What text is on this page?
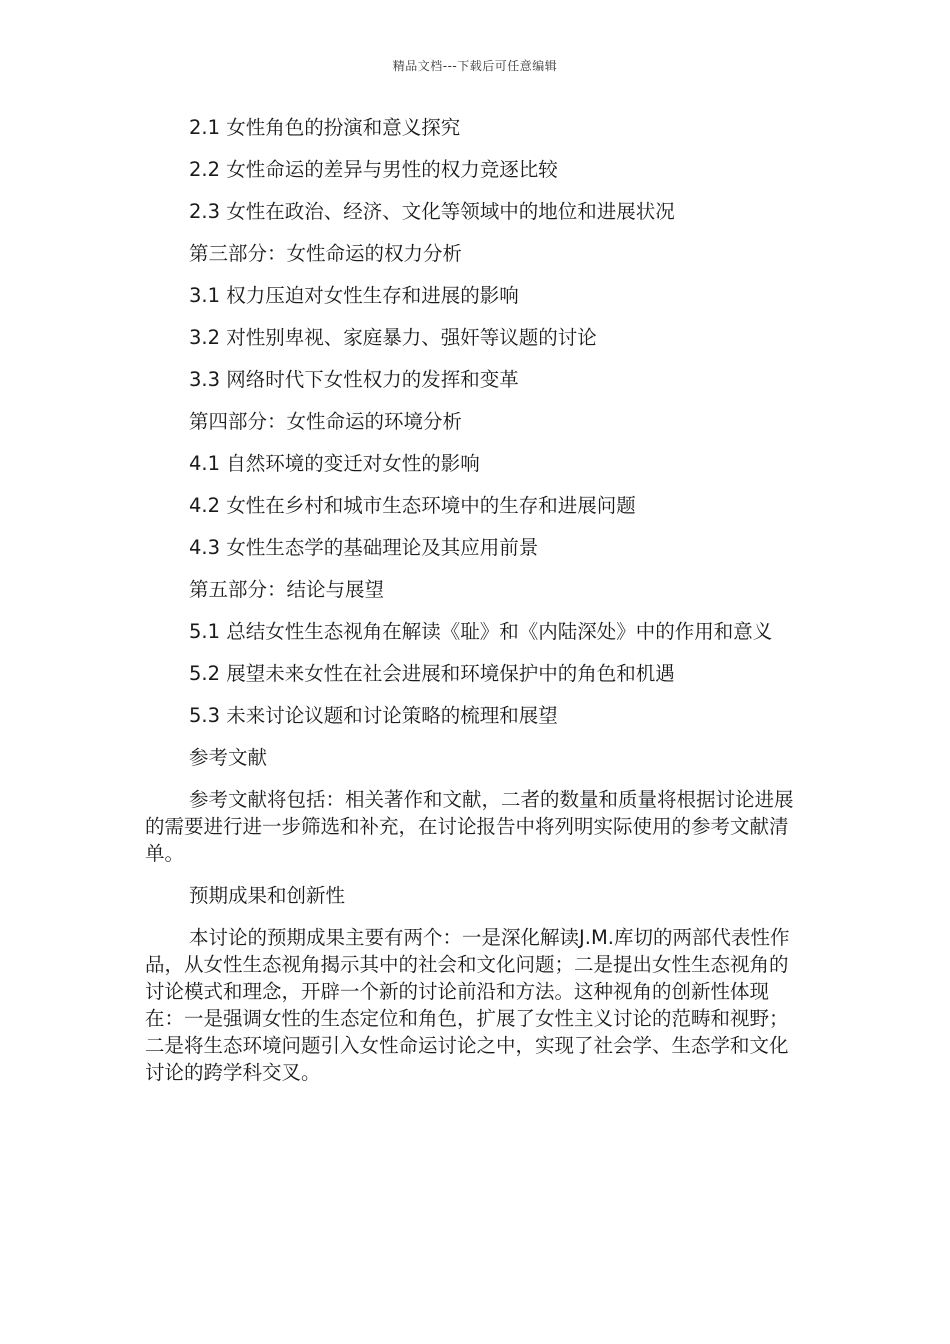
精品文档---下载后可任意编辑

2.1 女性角色的扮演和意义探究

2.2 女性命运的差异与男性的权力竞逐比较

2.3 女性在政治、经济、文化等领域中的地位和进展状况

第三部分：女性命运的权力分析

3.1 权力压迫对女性生存和进展的影响

3.2 对性别卑视、家庭暴力、强奸等议题的讨论

3.3 网络时代下女性权力的发挥和变革

第四部分：女性命运的环境分析

4.1 自然环境的变迁对女性的影响

4.2 女性在乡村和城市生态环境中的生存和进展问题

4.3 女性生态学的基础理论及其应用前景

第五部分：结论与展望

5.1 总结女性生态视角在解读《耻》和《内陆深处》中的作用和意义

5.2 展望未来女性在社会进展和环境保护中的角色和机遇

5.3 未来讨论议题和讨论策略的梳理和展望

参考文献

参考文献将包括：相关著作和文献，二者的数量和质量将根据讨论进展的需要进行进一步筛选和补充，在讨论报告中将列明实际使用的参考文献清单。

预期成果和创新性

本讨论的预期成果主要有两个：一是深化解读J.M.库切的两部代表性作品，从女性生态视角揭示其中的社会和文化问题；二是提出女性生态视角的讨论模式和理念，开辟一个新的讨论前沿和方法。这种视角的创新性体现在：一是强调女性的生态定位和角色，扩展了女性主义讨论的范畴和视野；二是将生态环境问题引入女性命运讨论之中，实现了社会学、生态学和文化讨论的跨学科交叉。
